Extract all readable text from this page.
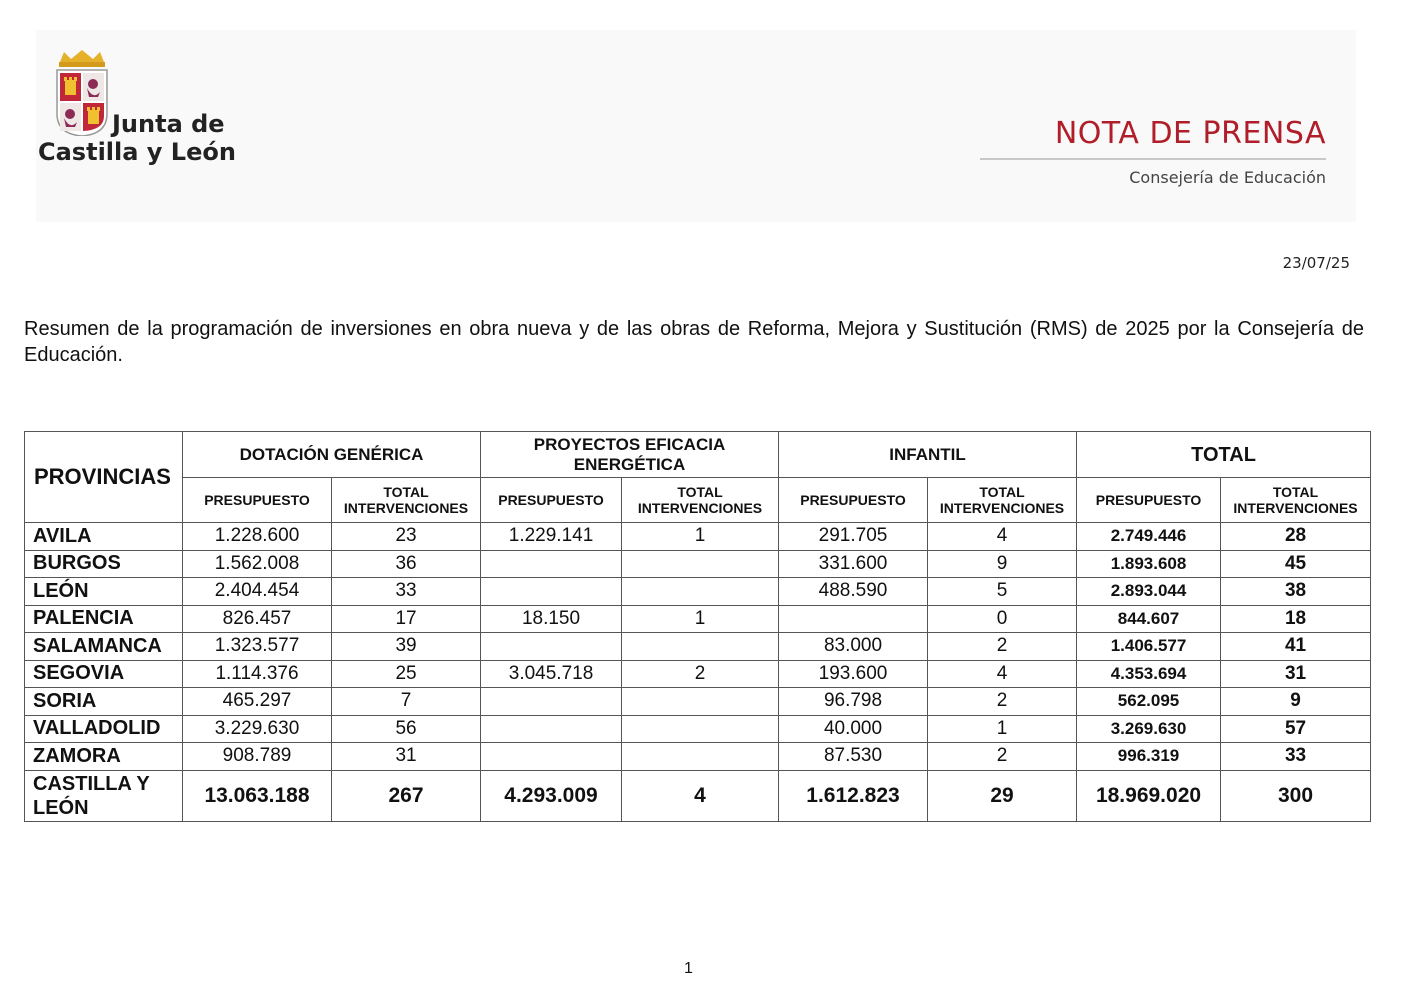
Junta de
Castilla y León
NOTA DE PRENSA
Consejería de Educación
23/07/25
Resumen de la programación de inversiones en obra nueva y de las obras de Reforma, Mejora y Sustitución (RMS) de 2025 por la Consejería de Educación.
PROVINCIAS	DOTACIÓN GENÉRICA		PROYECTOS EFICACIA ENERGÉTICA		INFANTIL		TOTAL	
	PRESUPUESTO	TOTAL INTERVENCIONES	PRESUPUESTO	TOTAL INTERVENCIONES	PRESUPUESTO	TOTAL INTERVENCIONES	PRESUPUESTO	TOTAL INTERVENCIONES
AVILA	1.228.600	23	1.229.141	1	291.705	4	2.749.446	28
BURGOS	1.562.008	36			331.600	9	1.893.608	45
LEÓN	2.404.454	33			488.590	5	2.893.044	38
PALENCIA	826.457	17	18.150	1		0	844.607	18
SALAMANCA	1.323.577	39			83.000	2	1.406.577	41
SEGOVIA	1.114.376	25	3.045.718	2	193.600	4	4.353.694	31
SORIA	465.297	7			96.798	2	562.095	9
VALLADOLID	3.229.630	56			40.000	1	3.269.630	57
ZAMORA	908.789	31			87.530	2	996.319	33
CASTILLA Y LEÓN	13.063.188	267	4.293.009	4	1.612.823	29	18.969.020	300
1
